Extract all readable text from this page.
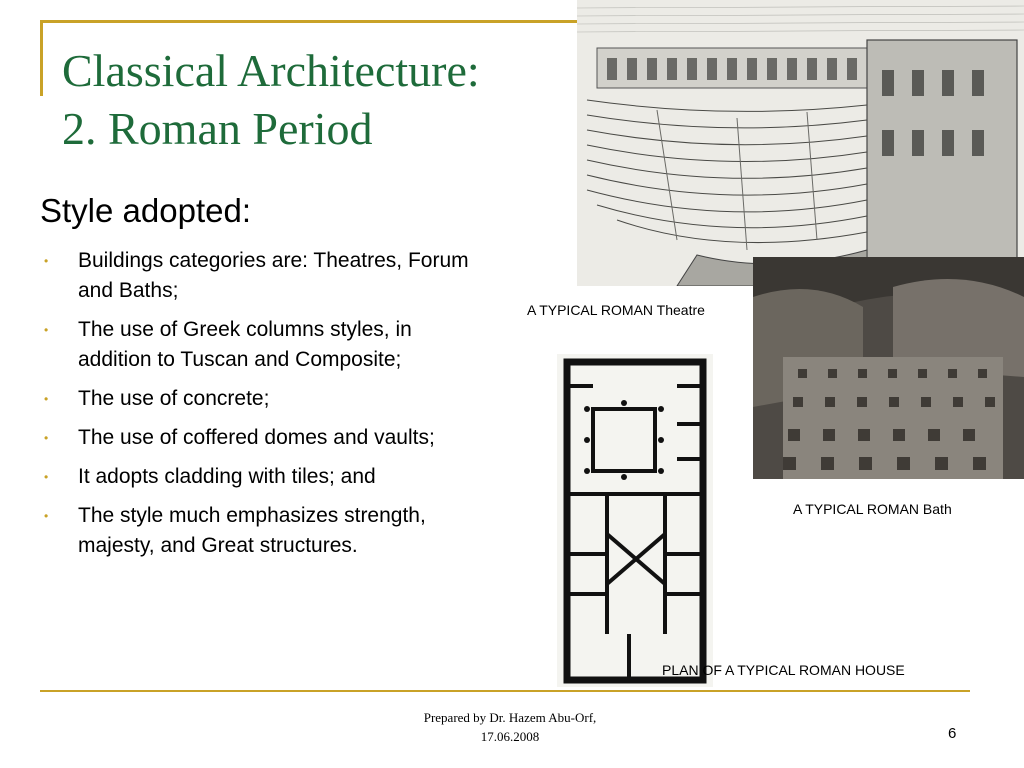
Classical Architecture:
2. Roman Period
Style adopted:
• Buildings categories are: Theatres, Forum and Baths;
• The use of Greek columns styles, in addition to Tuscan and Composite;
• The use of concrete;
• The use of coffered domes and vaults;
• It adopts cladding with tiles; and
• The style much emphasizes strength, majesty, and Great structures.
A TYPICAL ROMAN Theatre
A TYPICAL ROMAN Bath
PLAN OF A TYPICAL ROMAN HOUSE
Prepared by Dr. Hazem Abu-Orf,
17.06.2008	6
